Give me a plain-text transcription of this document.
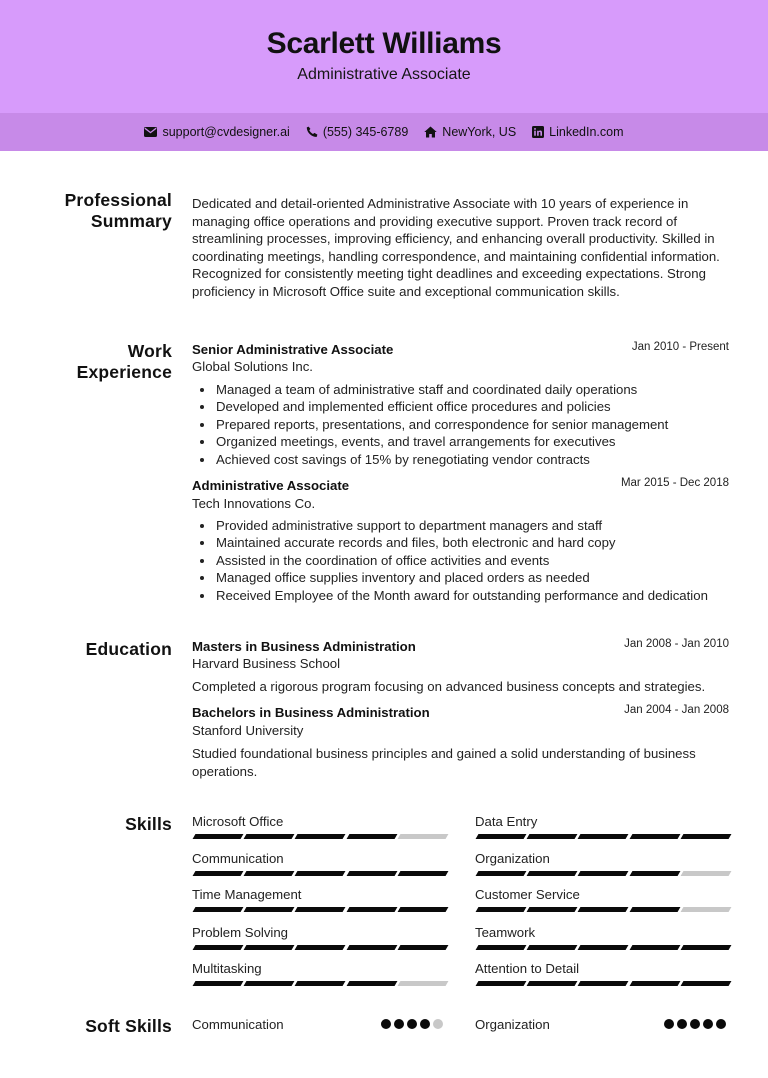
Scarlett Williams
Administrative Associate
support@cvdesigner.ai	(555) 345-6789	NewYork, US	LinkedIn.com
Professional
Summary
Dedicated and detail-oriented Administrative Associate with 10 years of experience in managing office operations and providing executive support. Proven track record of streamlining processes, improving efficiency, and enhancing overall productivity. Skilled in coordinating meetings, handling correspondence, and maintaining confidential information. Recognized for consistently meeting tight deadlines and exceeding expectations. Strong proficiency in Microsoft Office suite and exceptional communication skills.
Work
Experience
Senior Administrative Associate	Jan 2010 - Present
Global Solutions Inc.
• Managed a team of administrative staff and coordinated daily operations
• Developed and implemented efficient office procedures and policies
• Prepared reports, presentations, and correspondence for senior management
• Organized meetings, events, and travel arrangements for executives
• Achieved cost savings of 15% by renegotiating vendor contracts
Administrative Associate	Mar 2015 - Dec 2018
Tech Innovations Co.
• Provided administrative support to department managers and staff
• Maintained accurate records and files, both electronic and hard copy
• Assisted in the coordination of office activities and events
• Managed office supplies inventory and placed orders as needed
• Received Employee of the Month award for outstanding performance and dedication
Education Masters in Business Administration	Jan 2008 - Jan 2010
Harvard Business School
Completed a rigorous program focusing on advanced business concepts and strategies.
Bachelors in Business Administration	Jan 2004 - Jan 2008
Stanford University
Studied foundational business principles and gained a solid understanding of business operations.
Skills Microsoft Office	Data Entry
Communication	Organization
Time Management	Customer Service
Problem Solving	Teamwork
Multitasking	Attention to Detail
Soft Skills Communication	Organization
